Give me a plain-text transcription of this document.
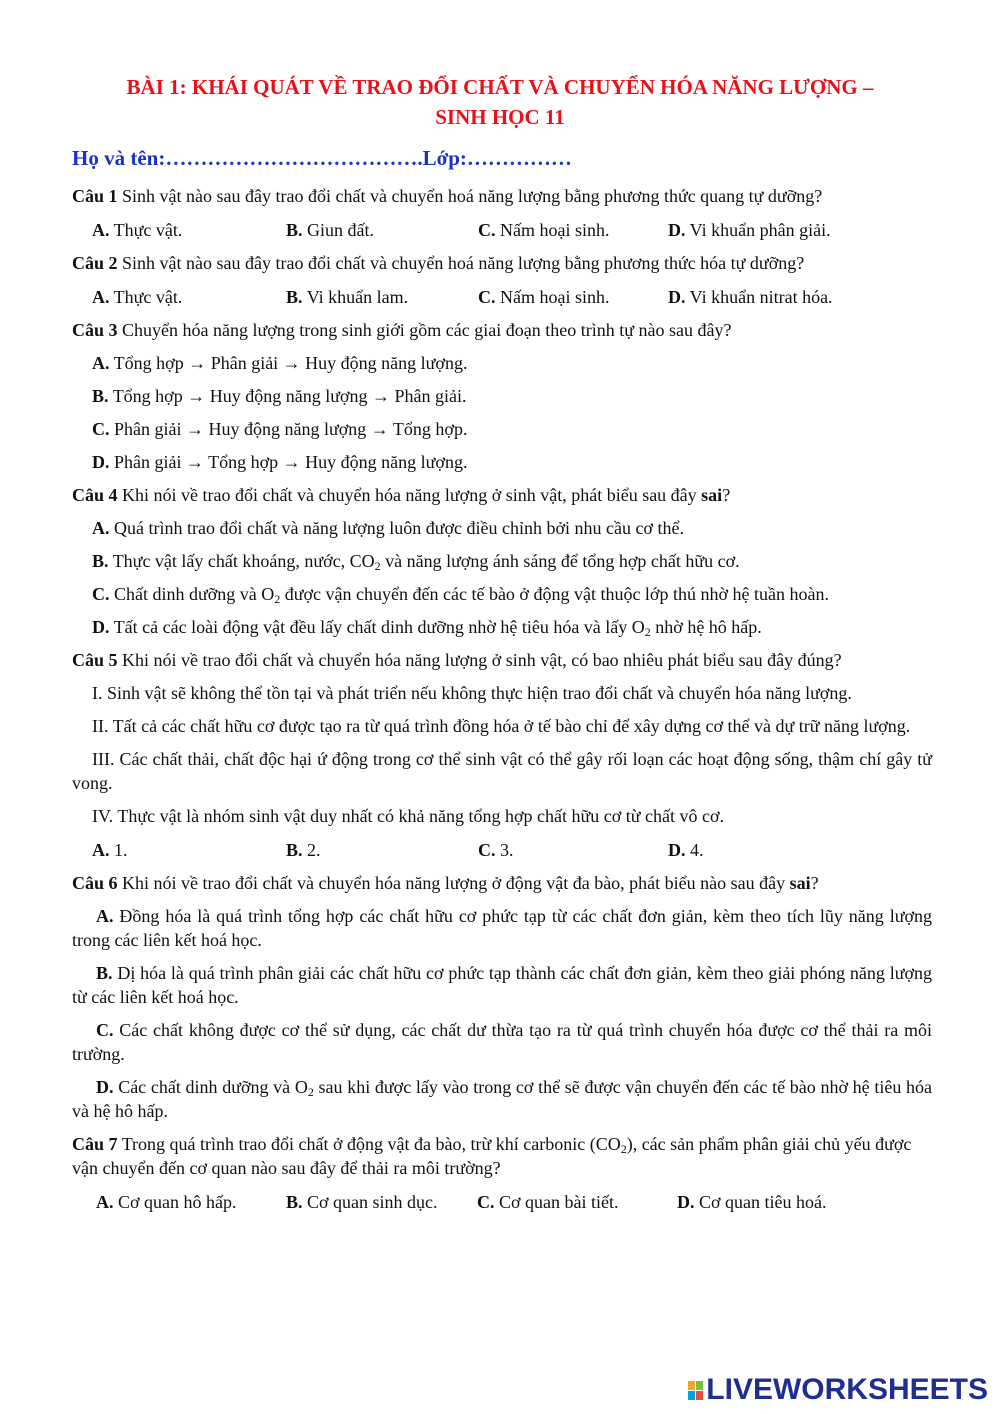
BÀI 1: KHÁI QUÁT VỀ TRAO ĐỔI CHẤT VÀ CHUYỂN HÓA NĂNG LƯỢNG –
SINH HỌC 11
Họ và tên:……………………………….Lớp:……………

Câu 1 Sinh vật nào sau đây trao đổi chất và chuyển hoá năng lượng bằng phương thức quang tự dưỡng?

A. Thực vật.	B. Giun đất.	C. Nấm hoại sinh.	D. Vi khuẩn phân giải.

Câu 2 Sinh vật nào sau đây trao đổi chất và chuyển hoá năng lượng bằng phương thức hóa tự dưỡng?

A. Thực vật.	B. Vi khuẩn lam.	C. Nấm hoại sinh.	D. Vi khuẩn nitrat hóa.

Câu 3 Chuyển hóa năng lượng trong sinh giới gồm các giai đoạn theo trình tự nào sau đây?

A. Tổng hợp → Phân giải → Huy động năng lượng.
B. Tổng hợp → Huy động năng lượng → Phân giải.
C. Phân giải → Huy động năng lượng → Tổng hợp.
D. Phân giải → Tổng hợp → Huy động năng lượng.

Câu 4 Khi nói về trao đổi chất và chuyển hóa năng lượng ở sinh vật, phát biểu sau đây sai?

A. Quá trình trao đổi chất và năng lượng luôn được điều chỉnh bởi nhu cầu cơ thể.
B. Thực vật lấy chất khoáng, nước, $CO_2$ và năng lượng ánh sáng để tổng hợp chất hữu cơ.
C. Chất dinh dưỡng và $O_2$ được vận chuyển đến các tế bào ở động vật thuộc lớp thú nhờ hệ tuần hoàn.
D. Tất cả các loài động vật đều lấy chất dinh dưỡng nhờ hệ tiêu hóa và lấy $O_2$ nhờ hệ hô hấp.

Câu 5 Khi nói về trao đổi chất và chuyển hóa năng lượng ở sinh vật, có bao nhiêu phát biểu sau đây đúng?

I. Sinh vật sẽ không thể tồn tại và phát triển nếu không thực hiện trao đổi chất và chuyển hóa năng lượng.
II. Tất cả các chất hữu cơ được tạo ra từ quá trình đồng hóa ở tế bào chỉ để xây dựng cơ thể và dự trữ năng lượng.
III. Các chất thải, chất độc hại ứ động trong cơ thể sinh vật có thể gây rối loạn các hoạt động sống, thậm chí gây tử vong.
IV. Thực vật là nhóm sinh vật duy nhất có khả năng tổng hợp chất hữu cơ từ chất vô cơ.
A. 1.	B. 2.	C. 3.	D. 4.

Câu 6 Khi nói về trao đổi chất và chuyển hóa năng lượng ở động vật đa bào, phát biểu nào sau đây sai?

A. Đồng hóa là quá trình tổng hợp các chất hữu cơ phức tạp từ các chất đơn giản, kèm theo tích lũy năng lượng trong các liên kết hoá học.
B. Dị hóa là quá trình phân giải các chất hữu cơ phức tạp thành các chất đơn giản, kèm theo giải phóng năng lượng từ các liên kết hoá học.
C. Các chất không được cơ thể sử dụng, các chất dư thừa tạo ra từ quá trình chuyển hóa được cơ thể thải ra môi trường.
D. Các chất dinh dưỡng và $O_2$ sau khi được lấy vào trong cơ thể sẽ được vận chuyển đến các tế bào nhờ hệ tiêu hóa và hệ hô hấp.

Câu 7 Trong quá trình trao đổi chất ở động vật đa bào, trừ khí carbonic $(CO_2)$, các sản phẩm phân giải chủ yếu được vận chuyển đến cơ quan nào sau đây để thải ra môi trường?

A. Cơ quan hô hấp.	B. Cơ quan sinh dục.	C. Cơ quan bài tiết.	D. Cơ quan tiêu hoá.
LIVEWORKSHEETS
